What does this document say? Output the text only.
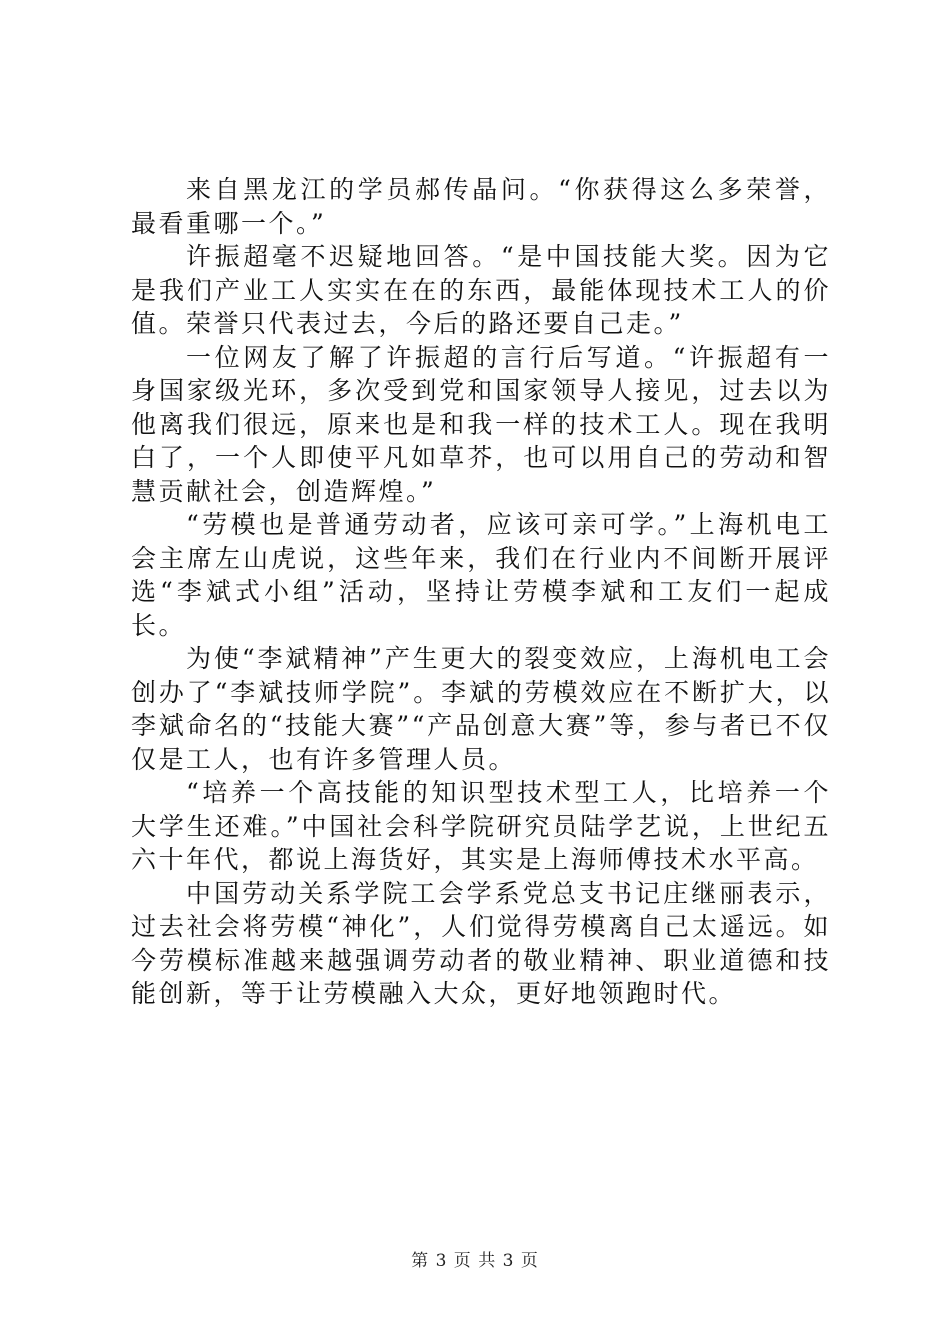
来自黑龙江的学员郝传晶问。“你获得这么多荣誉，最看重哪一个。”

许振超毫不迟疑地回答。“是中国技能大奖。因为它是我们产业工人实实在在的东西，最能体现技术工人的价值。荣誉只代表过去，今后的路还要自己走。”

一位网友了解了许振超的言行后写道。“许振超有一身国家级光环，多次受到党和国家领导人接见，过去以为他离我们很远，原来也是和我一样的技术工人。现在我明白了，一个人即使平凡如草芥，也可以用自己的劳动和智慧贡献社会，创造辉煌。”

“劳模也是普通劳动者，应该可亲可学。”上海机电工会主席左山虎说，这些年来，我们在行业内不间断开展评选“李斌式小组”活动，坚持让劳模李斌和工友们一起成长。

为使“李斌精神”产生更大的裂变效应，上海机电工会创办了“李斌技师学院”。李斌的劳模效应在不断扩大，以李斌命名的“技能大赛”“产品创意大赛”等，参与者已不仅仅是工人，也有许多管理人员。

“培养一个高技能的知识型技术型工人，比培养一个大学生还难。”中国社会科学院研究员陆学艺说，上世纪五六十年代，都说上海货好，其实是上海师傅技术水平高。

中国劳动关系学院工会学系党总支书记庄继丽表示，过去社会将劳模“神化”，人们觉得劳模离自己太遥远。如今劳模标准越来越强调劳动者的敬业精神、职业道德和技能创新，等于让劳模融入大众，更好地领跑时代。

第 3 页 共 3 页
